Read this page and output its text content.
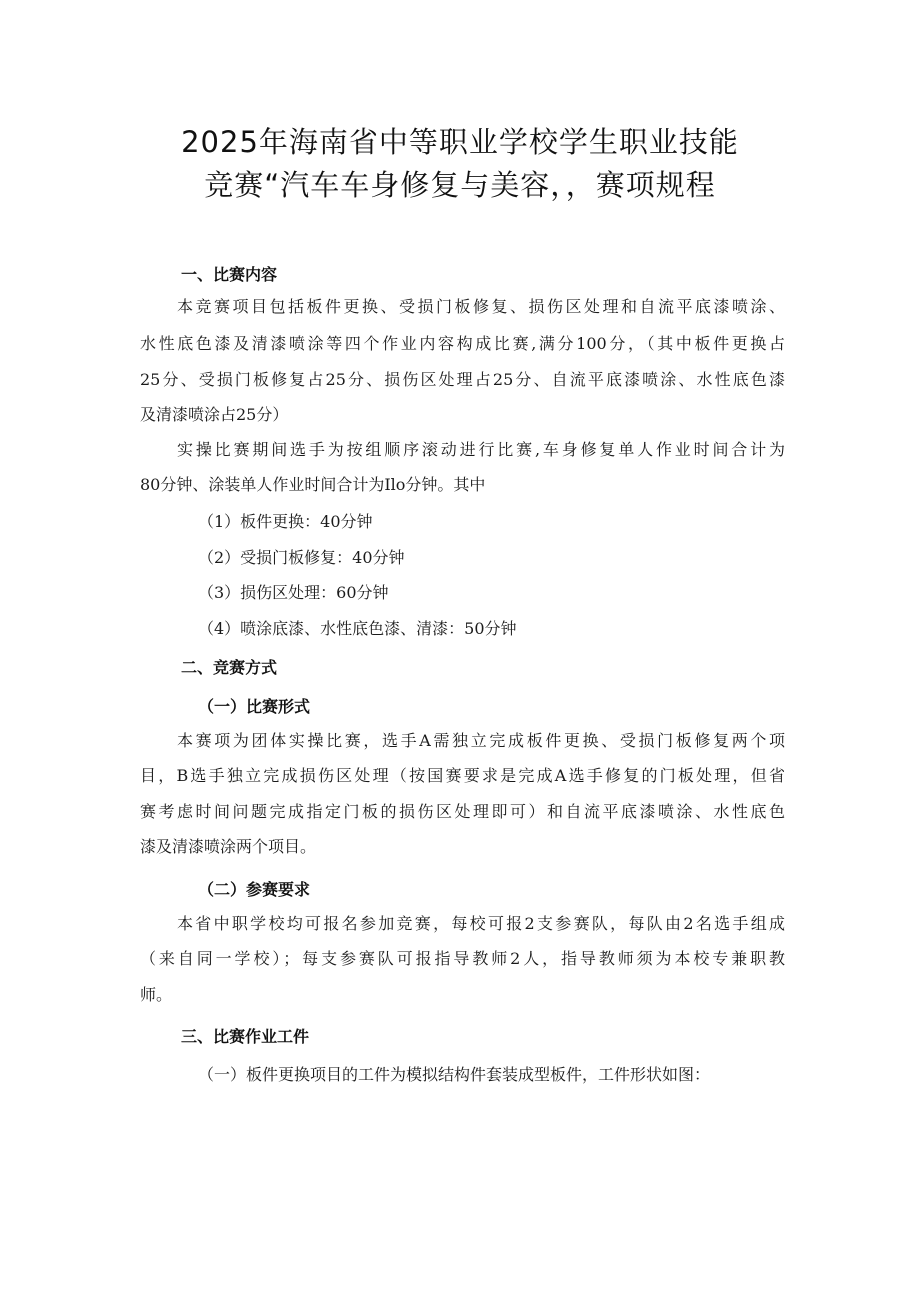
2025年海南省中等职业学校学生职业技能
竞赛“汽车车身修复与美容，，赛项规程
一、比赛内容
本竞赛项目包括板件更换、受损门板修复、损伤区处理和自流平底漆喷涂、
水性底色漆及清漆喷涂等四个作业内容构成比赛,满分100分，（其中板件更换占
25分、受损门板修复占25分、损伤区处理占25分、自流平底漆喷涂、水性底色漆
及清漆喷涂占25分）
实操比赛期间选手为按组顺序滚动进行比赛,车身修复单人作业时间合计为
80分钟、涂装单人作业时间合计为Ilo分钟。其中
（1）板件更换：40分钟
（2）受损门板修复：40分钟
（3）损伤区处理：60分钟
（4）喷涂底漆、水性底色漆、清漆：50分钟
二、竞赛方式
（一）比赛形式
本赛项为团体实操比赛，选手A需独立完成板件更换、受损门板修复两个项
目，B选手独立完成损伤区处理（按国赛要求是完成A选手修复的门板处理，但省
赛考虑时间问题完成指定门板的损伤区处理即可）和自流平底漆喷涂、水性底色
漆及清漆喷涂两个项目。
（二）参赛要求
本省中职学校均可报名参加竞赛，每校可报2支参赛队，每队由2名选手组成
（来自同一学校）；每支参赛队可报指导教师2人，指导教师须为本校专兼职教
师。
三、比赛作业工件
（一）板件更换项目的工件为模拟结构件套装成型板件，工件形状如图：
